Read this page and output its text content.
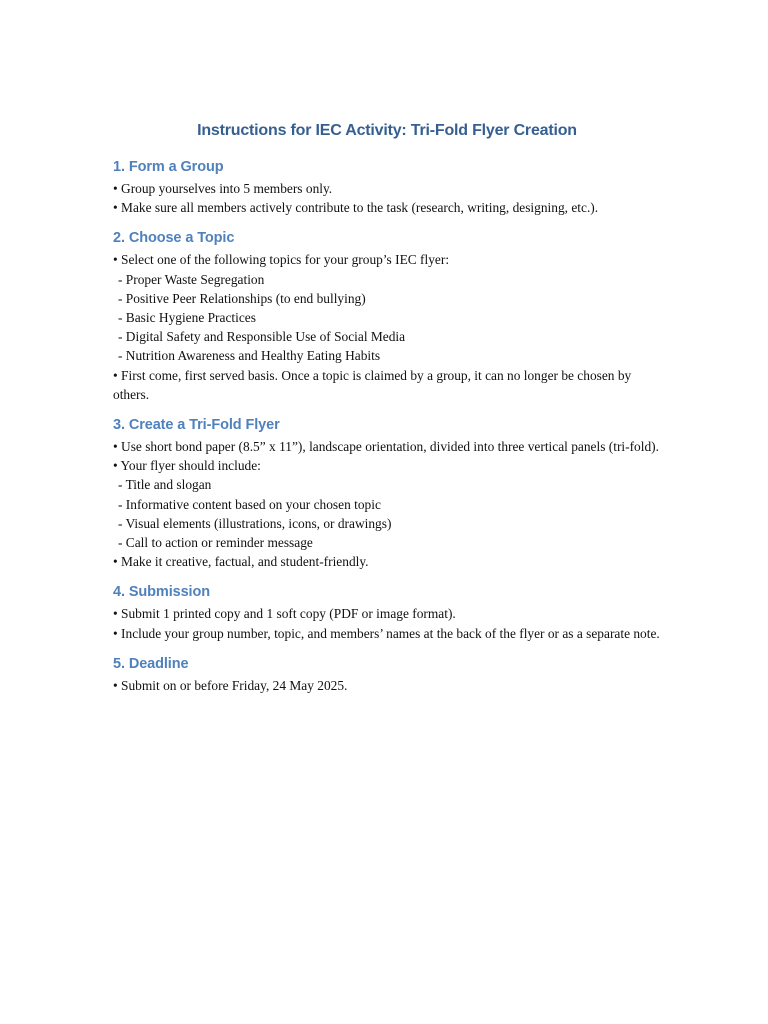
Instructions for IEC Activity: Tri-Fold Flyer Creation
1. Form a Group

• Group yourselves into 5 members only.

• Make sure all members actively contribute to the task (research, writing, designing, etc.).

2. Choose a Topic

• Select one of the following topics for your group’s IEC flyer:

- Proper Waste Segregation

- Positive Peer Relationships (to end bullying)

- Basic Hygiene Practices

- Digital Safety and Responsible Use of Social Media

- Nutrition Awareness and Healthy Eating Habits

• First come, first served basis. Once a topic is claimed by a group, it can no longer be chosen by others.

3. Create a Tri-Fold Flyer

• Use short bond paper (8.5” x 11”), landscape orientation, divided into three vertical panels (tri-fold).

• Your flyer should include:

- Title and slogan

- Informative content based on your chosen topic

- Visual elements (illustrations, icons, or drawings)

- Call to action or reminder message

• Make it creative, factual, and student-friendly.

4. Submission

• Submit 1 printed copy and 1 soft copy (PDF or image format).

• Include your group number, topic, and members’ names at the back of the flyer or as a separate note.

5. Deadline

• Submit on or before Friday, 24 May 2025.
